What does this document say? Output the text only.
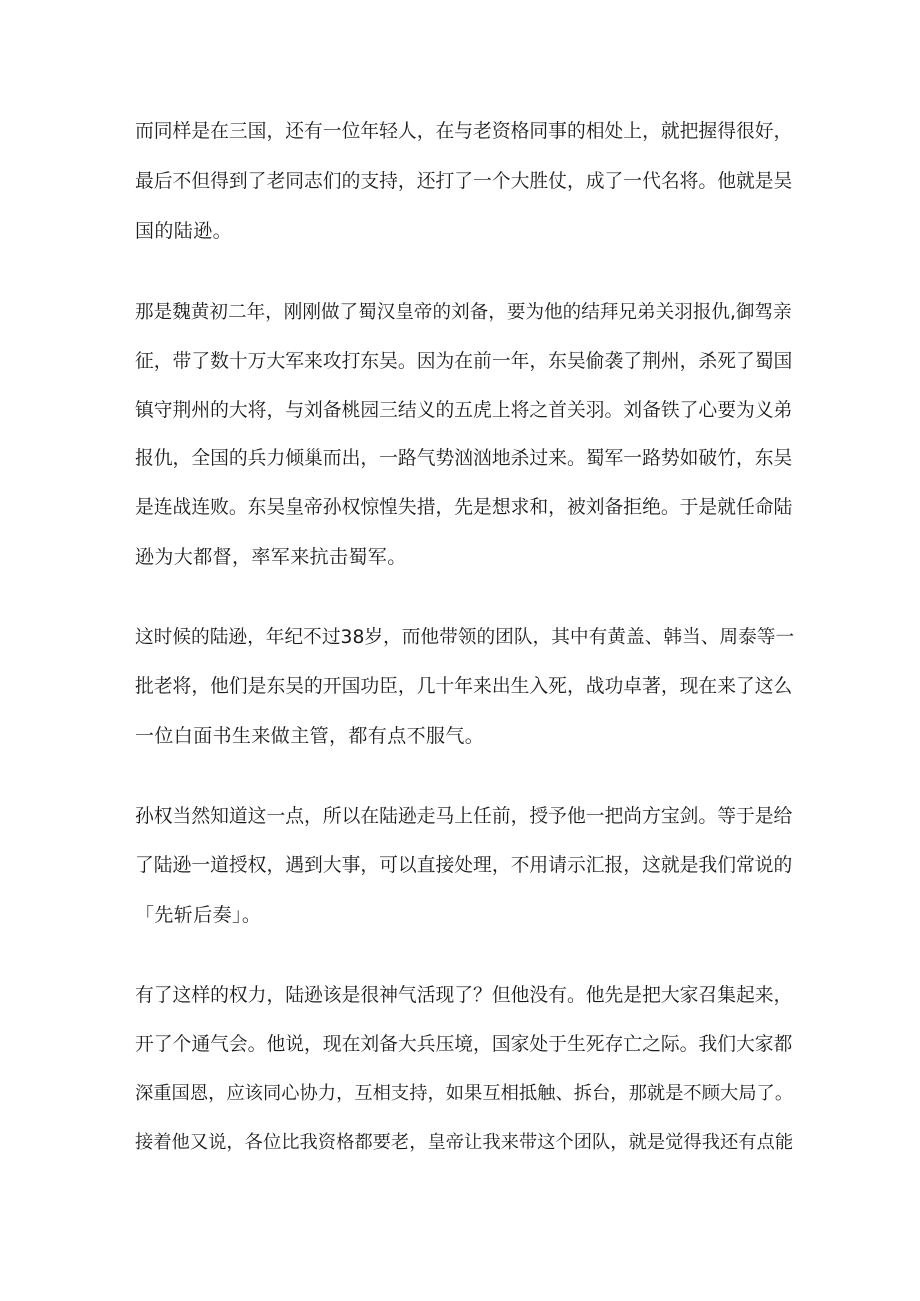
而同样是在三国，还有一位年轻人，在与老资格同事的相处上，就把握得很好，
最后不但得到了老同志们的支持，还打了一个大胜仗，成了一代名将。他就是吴
国的陆逊。
那是魏黄初二年，刚刚做了蜀汉皇帝的刘备，要为他的结拜兄弟关羽报仇,御驾亲
征，带了数十万大军来攻打东吴。因为在前一年，东吴偷袭了荆州，杀死了蜀国
镇守荆州的大将，与刘备桃园三结义的五虎上将之首关羽。刘备铁了心要为义弟
报仇，全国的兵力倾巢而出，一路气势汹汹地杀过来。蜀军一路势如破竹，东吴
是连战连败。东吴皇帝孙权惊惶失措，先是想求和，被刘备拒绝。于是就任命陆
逊为大都督，率军来抗击蜀军。
这时候的陆逊，年纪不过38岁，而他带领的团队，其中有黄盖、韩当、周泰等一
批老将，他们是东吴的开国功臣，几十年来出生入死，战功卓著，现在来了这么
一位白面书生来做主管，都有点不服气。
孙权当然知道这一点，所以在陆逊走马上任前，授予他一把尚方宝剑。等于是给
了陆逊一道授权，遇到大事，可以直接处理，不用请示汇报，这就是我们常说的
「先斩后奏」。
有了这样的权力，陆逊该是很神气活现了？但他没有。他先是把大家召集起来，
开了个通气会。他说，现在刘备大兵压境，国家处于生死存亡之际。我们大家都
深重国恩，应该同心协力，互相支持，如果互相抵触、拆台，那就是不顾大局了。
接着他又说，各位比我资格都要老，皇帝让我来带这个团队，就是觉得我还有点能
